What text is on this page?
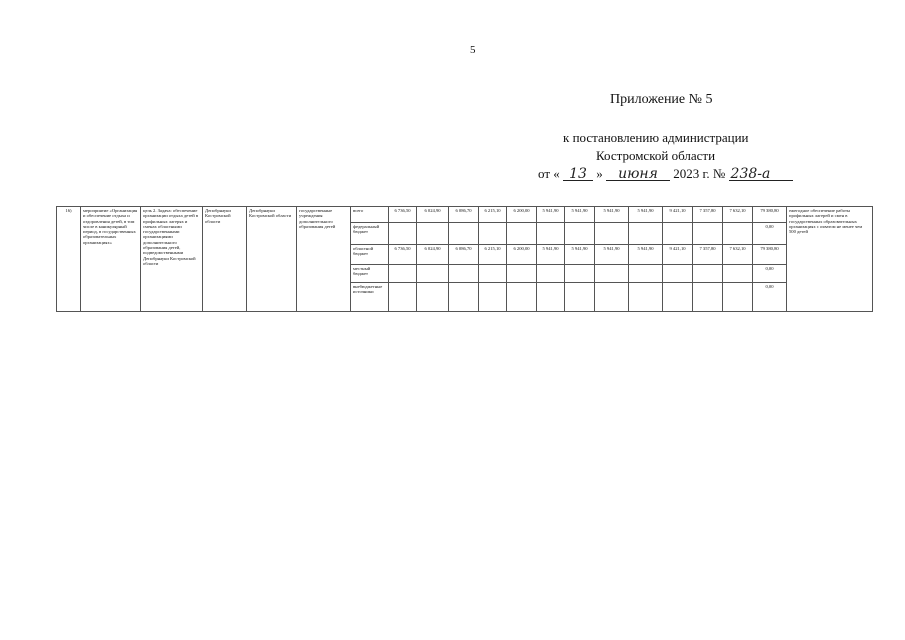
5
Приложение № 5
к постановлению администрации
Костромской области
от « 13 » июня 2023 г. № 238-а
16)	мероприятие «Организация и обеспечение отдыха и оздоровления детей, в том числе в каникулярный период, в государственных образовательных организациях»	цель 2. Задача: обеспечение организации отдыха детей в профильных лагерях и сменах областными государственными организациями дополнительного образования детей, подведомственными Депобрнауки Костромской области	Депобрнауки Костромской области	Депобрнауки Костромской области	государственные учреждения дополнительного образования детей	всего	6 736,50	6 024,90	6 086,70	6 215,10	6 200,00	5 941,90	5 941,90	5 941,90	5 941,90	9 421,10	7 357,80	7 632,10	79 380,80	ежегодное обеспечение работы профильных лагерей и смен в государственных образовательных организациях с охватом не менее чем 500 детей
						федеральный бюджет													0,00	
						областной бюджет	6 736,50	6 024,90	6 086,70	6 215,10	6 200,00	5 941,90	5 941,90	5 941,90	5 941,90	9 421,10	7 357,80	7 632,10	79 380,80	
						местный бюджет													0,00	
						внебюджетные источники													0,00	
